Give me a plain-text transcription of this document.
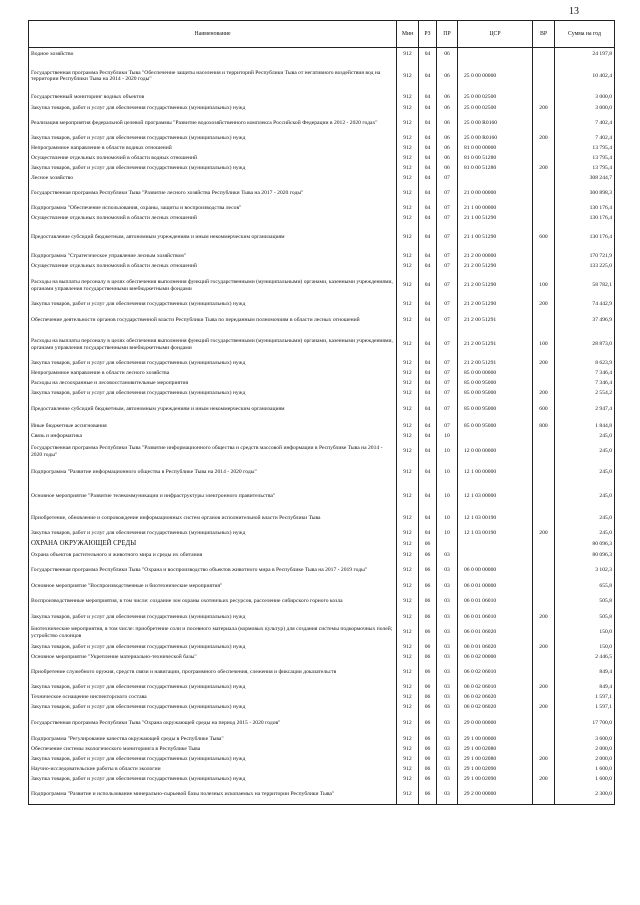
13
Наименование	Мин	РЗ	ПР	ЦСР	ВР	Сумма на год
Водное хозяйство	912	04	06			24 197,8
Государственная программа Республики Тыва "Обеспечение защиты населения и территорий Республики Тыва от негативного воздействия вод на территории Республики Тыва на 2014 - 2020 годы"	912	04	06	25 0 00 00000		10 402,4
Государственный мониторинг водных объектов	912	04	06	25 0 00 02500		3 000,0
Закупка товаров, работ и услуг для обеспечения государственных (муниципальных) нужд	912	04	06	25 0 00 02500	200	3 000,0
Реализация мероприятия федеральной целевой программы "Развитие водохозяйственного комплекса Российской Федерации в 2012 - 2020 годах"	912	04	06	25 0 00 R0160		7 402,4
Закупка товаров, работ и услуг для обеспечения государственных (муниципальных) нужд	912	04	06	25 0 00 R0160	200	7 402,4
Непрограммное направление в области водных отношений	912	04	06	81 0 00 00000		13 795,4
Осуществление отдельных полномочий в области водных отношений	912	04	06	81 0 00 51280		13 795,4
Закупка товаров, работ и услуг для обеспечения государственных (муниципальных) нужд	912	04	06	81 0 00 51280	200	13 795,4
Лесное хозяйство	912	04	07			308 244,7
Государственная программа Республики Тыва "Развитие лесного хозяйства Республики Тыва на 2017 - 2020 годы"	912	04	07	21 0 00 00000		300 898,3
Подпрограмма "Обеспечение использования, охраны, защиты и воспроизводства лесов"	912	04	07	21 1 00 00000		130 176,4
Осуществление отдельных полномочий в области лесных отношений	912	04	07	21 1 00 51290		130 176,4
Предоставление субсидий бюджетным, автономным учреждениям и иным некоммерческим организациям	912	04	07	21 1 00 51290	600	130 176,4
Подпрограмма "Стратегическое управление лесным хозяйством"	912	04	07	21 2 00 00000		170 721,9
Осуществление отдельных полномочий в области лесных отношений	912	04	07	21 2 00 51290		133 225,0
Расходы на выплаты персоналу в целях обеспечения выполнения функций государственными (муниципальными) органами, казенными учреждениями, органами управления государственными внебюджетными фондами	912	04	07	21 2 00 51290	100	58 782,1
Закупка товаров, работ и услуг для обеспечения государственных (муниципальных) нужд	912	04	07	21 2 00 51290	200	74 442,9
Обеспечение деятельности органов государственной власти Республики Тыва по переданным полномочиям в области лесных отношений	912	04	07	21 2 00 51291		37 496,9
Расходы на выплаты персоналу в целях обеспечения выполнения функций государственными (муниципальными) органами, казенными учреждениями, органами управления государственными внебюджетными фондами	912	04	07	21 2 00 51291	100	28 873,0
Закупка товаров, работ и услуг для обеспечения государственных (муниципальных) нужд	912	04	07	21 2 00 51291	200	8 623,9
Непрограммное направление в области лесного хозяйства	912	04	07	85 0 00 00000		7 346,4
Расходы на лесоохранные и лесовосстановительные мероприятия	912	04	07	85 0 00 95000		7 346,4
Закупка товаров, работ и услуг для обеспечения государственных (муниципальных) нужд	912	04	07	85 0 00 95000	200	2 554,2
Предоставление субсидий бюджетным, автономным учреждениям и иным некоммерческим организациям	912	04	07	85 0 00 95000	600	2 947,4
Иные бюджетные ассигнования	912	04	07	85 0 00 95000	800	1 844,8
Связь и информатика	912	04	10			245,0
Государственная программа Республики Тыва "Развитие информационного общества и средств массовой информации в Республике Тыва на 2014 - 2020 годы"	912	04	10	12 0 00 00000		245,0
Подпрограмма "Развитие информационного общества в Республике Тыва на 2014 - 2020 годы"	912	04	10	12 1 00 00000		245,0
Основное мероприятие "Развитие телекоммуникации и инфраструктуры электронного правительства"	912	04	10	12 1 03 00000		245,0
Приобретение, обновление и сопровождение информационных систем органов исполнительной власти Республики Тыва	912	04	10	12 1 03 00190		245,0
Закупка товаров, работ и услуг для обеспечения государственных (муниципальных) нужд	912	04	10	12 1 03 00190	200	245,0
ОХРАНА ОКРУЖАЮЩЕЙ СРЕДЫ	912	06				80 096,3
Охрана объектов растительного и животного мира и среды их обитания	912	06	03			80 096,3
Государственная программа Республики Тыва "Охрана и воспроизводство объектов животного мира в Республике Тыва на 2017 - 2019 годы"	912	06	03	06 0 00 00000		3 102,3
Основное мероприятие "Воспроизводственные и биотехнические мероприятия"	912	06	03	06 0 01 00000		655,8
Воспроизводственные мероприятия, в том числе: создание зон охраны охотничьих ресурсов, расселение сибирского горного козла	912	06	03	06 0 01 06010		505,8
Закупка товаров, работ и услуг для обеспечения государственных (муниципальных) нужд	912	06	03	06 0 01 06010	200	505,8
Биотехнические мероприятия, в том числе: приобретение соли и посевного материала (кормовых культур) для создания системы подкормочных полей; устройство солонцов	912	06	03	06 0 01 06020		150,0
Закупка товаров, работ и услуг для обеспечения государственных (муниципальных) нужд	912	06	03	06 0 01 06020	200	150,0
Основное мероприятие "Укрепление материально-технической базы"	912	06	03	06 0 02 00000		2 446,5
Приобретение служебного оружия, средств связи и навигации, программного обеспечения, слежения и фиксации доказательств	912	06	03	06 0 02 06010		849,4
Закупка товаров, работ и услуг для обеспечения государственных (муниципальных) нужд	912	06	03	06 0 02 06010	200	849,4
Техническое оснащение инспекторского состава	912	06	03	06 0 02 06020		1 597,1
Закупка товаров, работ и услуг для обеспечения государственных (муниципальных) нужд	912	06	03	06 0 02 06020	200	1 597,1
Государственная программа Республики Тыва "Охрана окружающей среды на период 2015 - 2020 годов"	912	06	03	29 0 00 00000		17 700,0
Подпрограмма "Регулирование качества окружающей среды в Республике Тыва"	912	06	03	29 1 00 00000		3 600,0
Обеспечение системы экологического мониторинга в Республике Тыва	912	06	03	29 1 00 02080		2 000,0
Закупка товаров, работ и услуг для обеспечения государственных (муниципальных) нужд	912	06	03	29 1 00 02080	200	2 000,0
Научно-исследовательские работы в области экологии	912	06	03	29 1 00 02090		1 600,0
Закупка товаров, работ и услуг для обеспечения государственных (муниципальных) нужд	912	06	03	29 1 00 02090	200	1 600,0
Подпрограмма "Развитие и использование минерально-сырьевой базы полезных ископаемых на территории Республики Тыва"	912	06	03	29 2 00 00000		2 300,0
